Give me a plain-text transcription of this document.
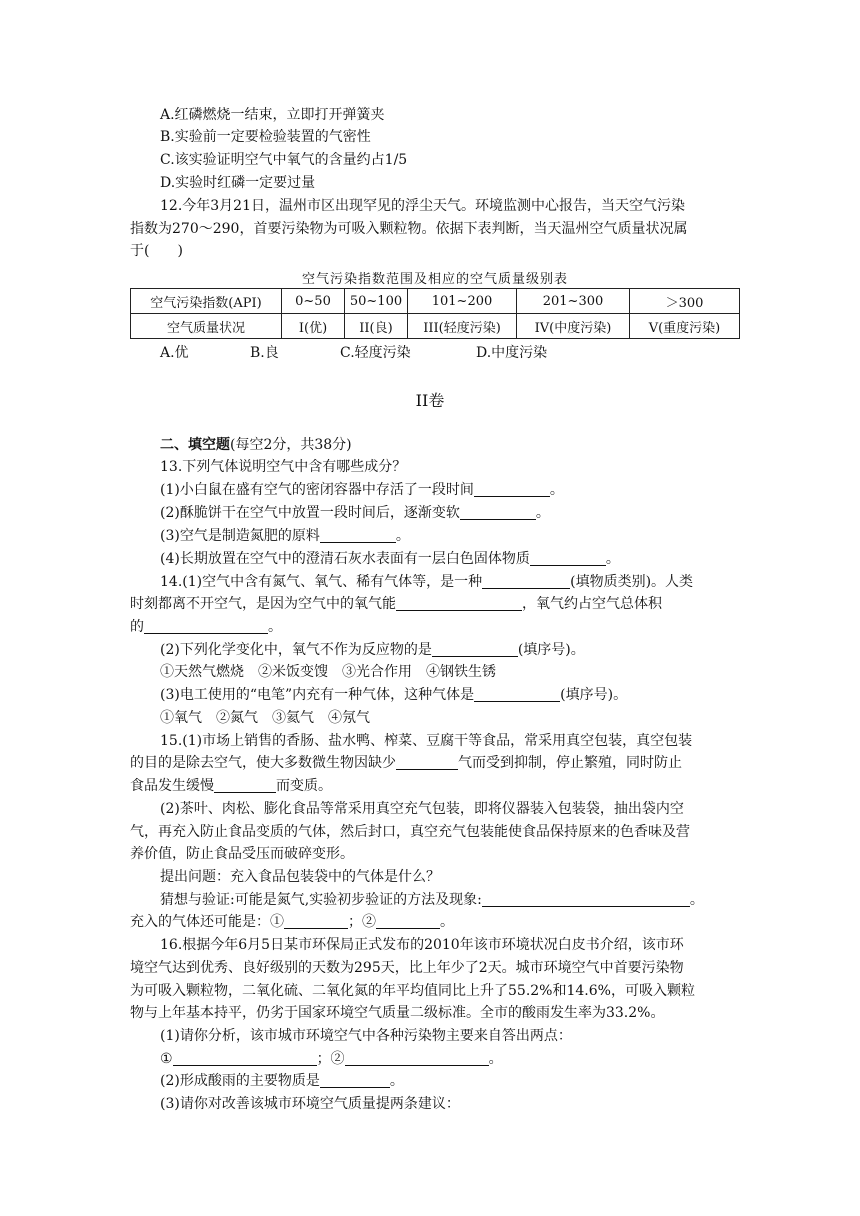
A.红磷燃烧一结束，立即打开弹簧夹
B.实验前一定要检验装置的气密性
C.该实验证明空气中氧气的含量约占1/5
D.实验时红磷一定要过量
12.今年3月21日，温州市区出现罕见的浮尘天气。环境监测中心报告，当天空气污染
指数为270～290，首要污染物为可吸入颗粒物。依据下表判断，当天温州空气质量状况属
于(　　)
空气污染指数范围及相应的空气质量级别表
空气污染指数(API)	0~50	50~100	101~200	201~300	＞300
空气质量状况	I(优)	II(良)	III(轻度污染)	IV(中度污染)	V(重度污染)
A.优	B.良	C.轻度污染	D.中度污染
II卷
二、填空题(每空2分，共38分)
13.下列气体说明空气中含有哪些成分？
(1)小白鼠在盛有空气的密闭容器中存活了一段时间	。
(2)酥脆饼干在空气中放置一段时间后，逐渐变软	。
(3)空气是制造氮肥的原料	。
(4)长期放置在空气中的澄清石灰水表面有一层白色固体物质	。
14.(1)空气中含有氮气、氧气、稀有气体等，是一种	(填物质类别)。人类
时刻都离不开空气，是因为空气中的氧气能	，氧气约占空气总体积
的	。
(2)下列化学变化中，氧气不作为反应物的是	(填序号)。
①天然气燃烧　②米饭变馊　③光合作用　④钢铁生锈
(3)电工使用的“电笔”内充有一种气体，这种气体是	(填序号)。
①氧气　②氮气　③氦气　④氖气
15.(1)市场上销售的香肠、盐水鸭、榨菜、豆腐干等食品，常采用真空包装，真空包装
的目的是除去空气，使大多数微生物因缺少	气而受到抑制，停止繁殖，同时防止
食品发生缓慢	而变质。
(2)茶叶、肉松、膨化食品等常采用真空充气包装，即将仪器装入包装袋，抽出袋内空
气，再充入防止食品变质的气体，然后封口，真空充气包装能使食品保持原来的色香味及营
养价值，防止食品受压而破碎变形。
提出问题：充入食品包装袋中的气体是什么？
猜想与验证:可能是氮气,实验初步验证的方法及现象:	。
充入的气体还可能是：①	；②	。
16.根据今年6月5日某市环保局正式发布的2010年该市环境状况白皮书介绍，该市环
境空气达到优秀、良好级别的天数为295天，比上年少了2天。城市环境空气中首要污染物
为可吸入颗粒物，二氧化硫、二氧化氮的年平均值同比上升了55.2%和14.6%，可吸入颗粒
物与上年基本持平，仍劣于国家环境空气质量二级标准。全市的酸雨发生率为33.2%。
(1)请你分析，该市城市环境空气中各种污染物主要来自答出两点：
①	；②	。
(2)形成酸雨的主要物质是	。
(3)请你对改善该城市环境空气质量提两条建议：
